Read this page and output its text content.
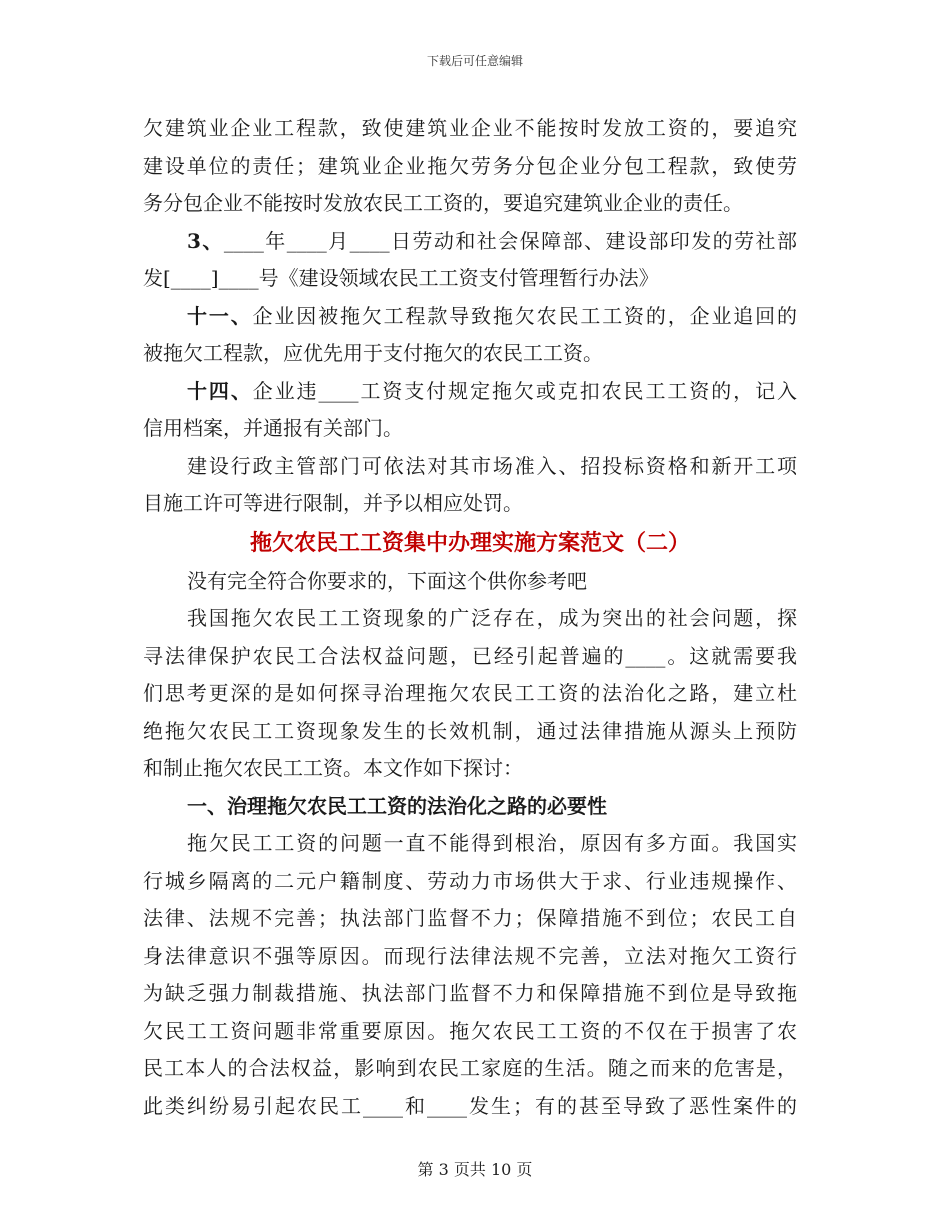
下载后可任意编辑
欠建筑业企业工程款，致使建筑业企业不能按时发放工资的，要追究
建设单位的责任；建筑业企业拖欠劳务分包企业分包工程款，致使劳
务分包企业不能按时发放农民工工资的，要追究建筑业企业的责任。
3、____年____月____日劳动和社会保障部、建设部印发的劳社部
发[____]____号《建设领域农民工工资支付管理暂行办法》
十一、企业因被拖欠工程款导致拖欠农民工工资的，企业追回的
被拖欠工程款，应优先用于支付拖欠的农民工工资。
十四、企业违____工资支付规定拖欠或克扣农民工工资的，记入
信用档案，并通报有关部门。
建设行政主管部门可依法对其市场准入、招投标资格和新开工项
目施工许可等进行限制，并予以相应处罚。
拖欠农民工工资集中办理实施方案范文（二）
没有完全符合你要求的，下面这个供你参考吧
我国拖欠农民工工资现象的广泛存在，成为突出的社会问题，探
寻法律保护农民工合法权益问题，已经引起普遍的____。这就需要我
们思考更深的是如何探寻治理拖欠农民工工资的法治化之路，建立杜
绝拖欠农民工工资现象发生的长效机制，通过法律措施从源头上预防
和制止拖欠农民工工资。本文作如下探讨：
一、治理拖欠农民工工资的法治化之路的必要性
拖欠民工工资的问题一直不能得到根治，原因有多方面。我国实
行城乡隔离的二元户籍制度、劳动力市场供大于求、行业违规操作、
法律、法规不完善；执法部门监督不力；保障措施不到位；农民工自
身法律意识不强等原因。而现行法律法规不完善，立法对拖欠工资行
为缺乏强力制裁措施、执法部门监督不力和保障措施不到位是导致拖
欠民工工资问题非常重要原因。拖欠农民工工资的不仅在于损害了农
民工本人的合法权益，影响到农民工家庭的生活。随之而来的危害是，
此类纠纷易引起农民工____和____发生；有的甚至导致了恶性案件的
第 3 页共 10 页
